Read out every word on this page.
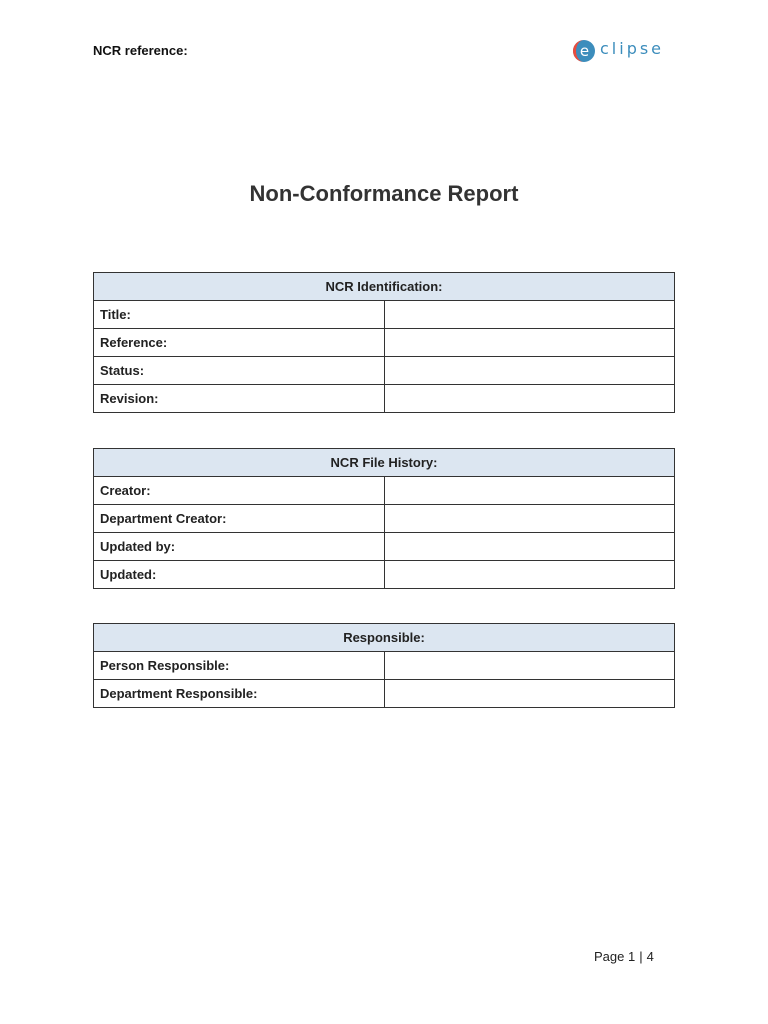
NCR reference:	e clipse
Non-Conformance Report
NCR Identification:	
Title:	
Reference:	
Status:	
Revision:	
NCR File History:	
Creator:	
Department Creator:	
Updated by:	
Updated:	
Responsible:	
Person Responsible:	
Department Responsible:	
Page 1 | 4
